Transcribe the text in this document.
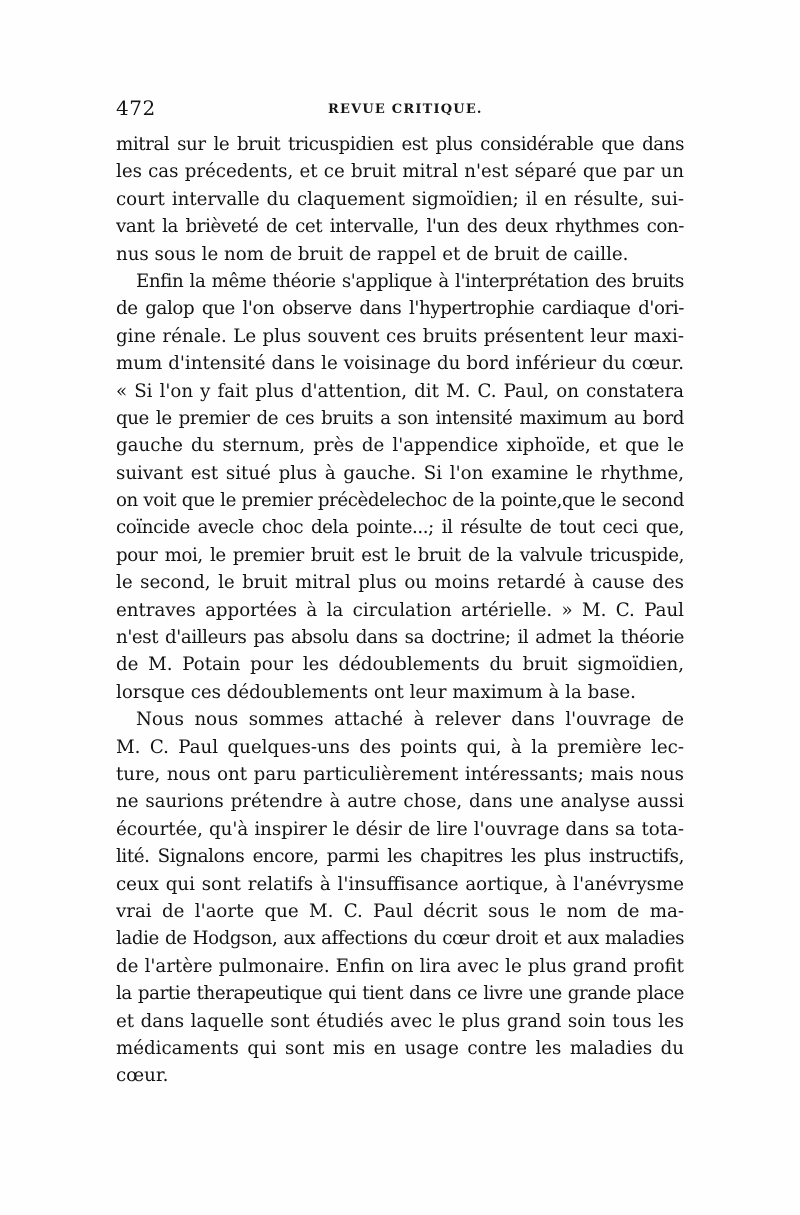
472	REVUE CRITIQUE.
mitral sur le bruit tricuspidien est plus considérable que dans
les cas précedents, et ce bruit mitral n'est séparé que par un
court intervalle du claquement sigmoïdien; il en résulte, sui-
vant la brièveté de cet intervalle, l'un des deux rhythmes con-
nus sous le nom de bruit de rappel et de bruit de caille.
Enfin la même théorie s'applique à l'interprétation des bruits
de galop que l'on observe dans l'hypertrophie cardiaque d'ori-
gine rénale. Le plus souvent ces bruits présentent leur maxi-
mum d'intensité dans le voisinage du bord inférieur du cœur.
« Si l'on y fait plus d'attention, dit M. C. Paul, on constatera
que le premier de ces bruits a son intensité maximum au bord
gauche du sternum, près de l'appendice xiphoïde, et que le
suivant est situé plus à gauche. Si l'on examine le rhythme,
on voit que le premier précèdelechoc de la pointe,que le second
coïncide avecle choc dela pointe...; il résulte de tout ceci que,
pour moi, le premier bruit est le bruit de la valvule tricuspide,
le second, le bruit mitral plus ou moins retardé à cause des
entraves apportées à la circulation artérielle. » M. C. Paul
n'est d'ailleurs pas absolu dans sa doctrine; il admet la théorie
de M. Potain pour les dédoublements du bruit sigmoïdien,
lorsque ces dédoublements ont leur maximum à la base.
Nous nous sommes attaché à relever dans l'ouvrage de
M. C. Paul quelques-uns des points qui, à la première lec-
ture, nous ont paru particulièrement intéressants; mais nous
ne saurions prétendre à autre chose, dans une analyse aussi
écourtée, qu'à inspirer le désir de lire l'ouvrage dans sa tota-
lité. Signalons encore, parmi les chapitres les plus instructifs,
ceux qui sont relatifs à l'insuffisance aortique, à l'anévrysme
vrai de l'aorte que M. C. Paul décrit sous le nom de ma-
ladie de Hodgson, aux affections du cœur droit et aux maladies
de l'artère pulmonaire. Enfin on lira avec le plus grand profit
la partie therapeutique qui tient dans ce livre une grande place
et dans laquelle sont étudiés avec le plus grand soin tous les
médicaments qui sont mis en usage contre les maladies du
cœur.
